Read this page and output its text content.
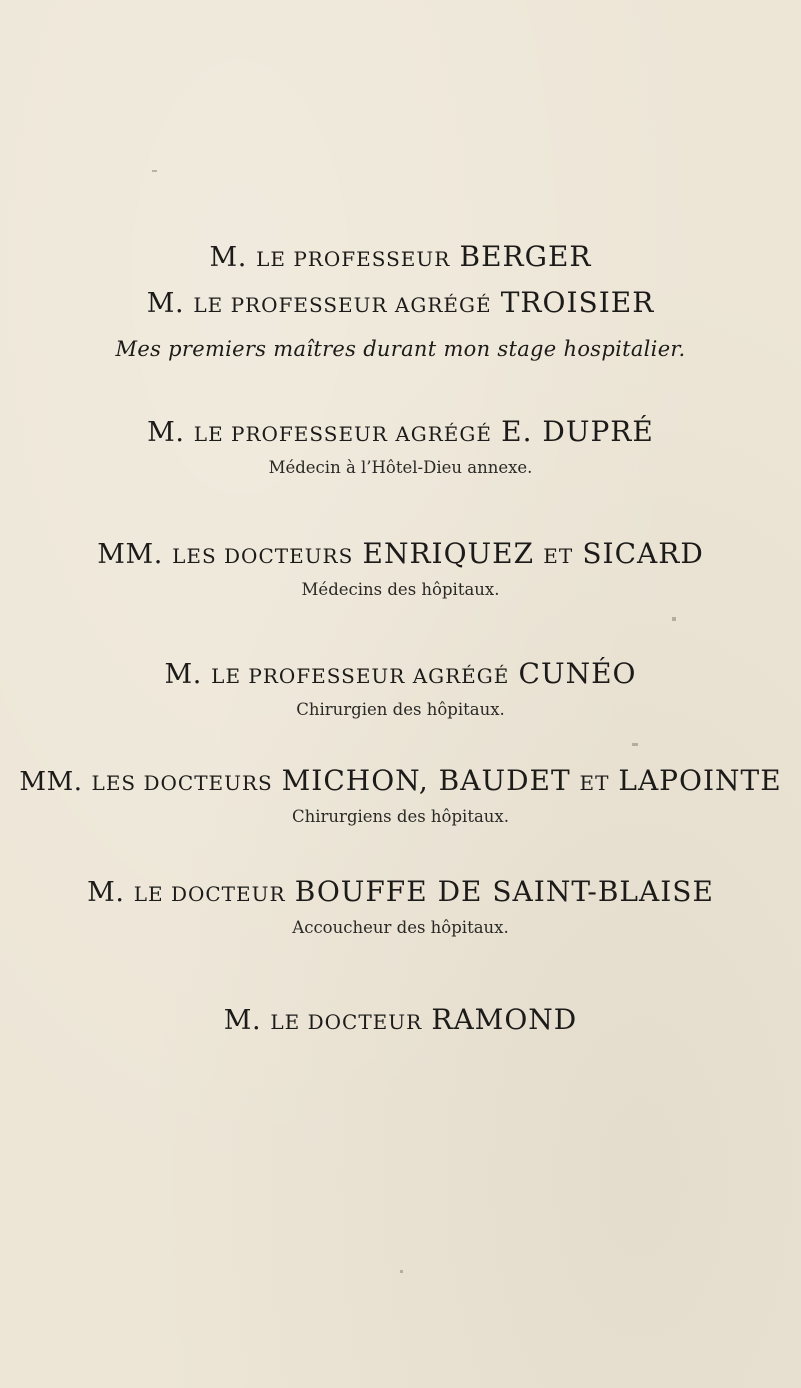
M. LE PROFESSEUR BERGER
M. LE PROFESSEUR AGRÉGÉ TROISIER
Mes premiers maîtres durant mon stage hospitalier.
M. LE PROFESSEUR AGRÉGÉ E. DUPRÉ
Médecin à l’Hôtel-Dieu annexe.
MM. LES DOCTEURS ENRIQUEZ ET SICARD
Médecins des hôpitaux.
M. LE PROFESSEUR AGRÉGÉ CUNÉO
Chirurgien des hôpitaux.
MM. LES DOCTEURS MICHON, BAUDET ET LAPOINTE
Chirurgiens des hôpitaux.
M. LE DOCTEUR BOUFFE DE SAINT-BLAISE
Accoucheur des hôpitaux.
M. LE DOCTEUR RAMOND
